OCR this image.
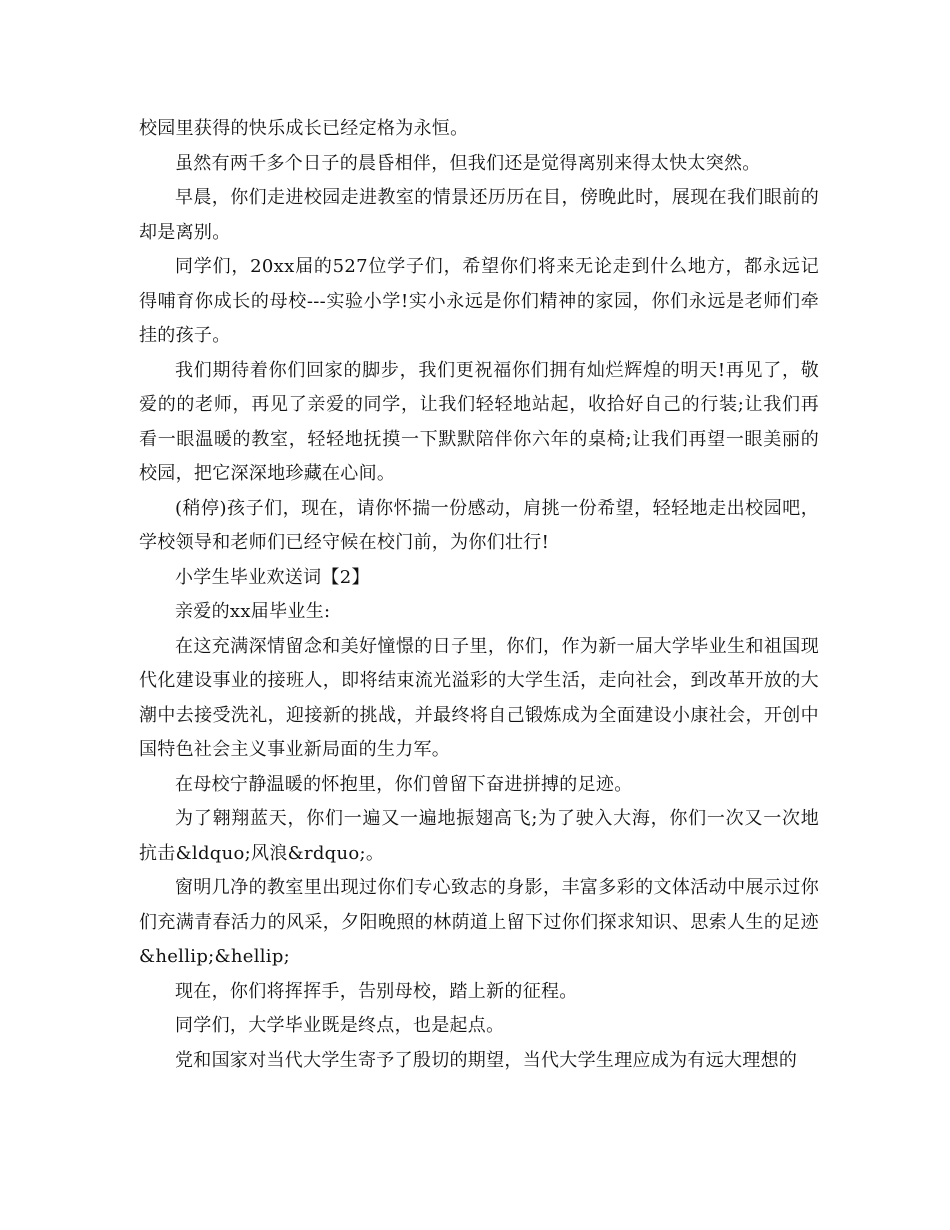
校园里获得的快乐成长已经定格为永恒。

虽然有两千多个日子的晨昏相伴，但我们还是觉得离别来得太快太突然。

早晨，你们走进校园走进教室的情景还历历在目，傍晚此时，展现在我们眼前的却是离别。

同学们，20xx届的527位学子们，希望你们将来无论走到什么地方，都永远记得哺育你成长的母校---实验小学!实小永远是你们精神的家园，你们永远是老师们牵挂的孩子。

我们期待着你们回家的脚步，我们更祝福你们拥有灿烂辉煌的明天!再见了，敬爱的的老师，再见了亲爱的同学，让我们轻轻地站起，收拾好自己的行装;让我们再看一眼温暖的教室，轻轻地抚摸一下默默陪伴你六年的桌椅;让我们再望一眼美丽的校园，把它深深地珍藏在心间。

(稍停)孩子们，现在，请你怀揣一份感动，肩挑一份希望，轻轻地走出校园吧，学校领导和老师们已经守候在校门前，为你们壮行!

小学生毕业欢送词【2】

亲爱的xx届毕业生:

在这充满深情留念和美好憧憬的日子里，你们，作为新一届大学毕业生和祖国现代化建设事业的接班人，即将结束流光溢彩的大学生活，走向社会，到改革开放的大潮中去接受洗礼，迎接新的挑战，并最终将自己锻炼成为全面建设小康社会，开创中国特色社会主义事业新局面的生力军。

在母校宁静温暖的怀抱里，你们曾留下奋进拼搏的足迹。

为了翱翔蓝天，你们一遍又一遍地振翅高飞;为了驶入大海，你们一次又一次地抗击&ldquo;风浪&rdquo;。

窗明几净的教室里出现过你们专心致志的身影，丰富多彩的文体活动中展示过你们充满青春活力的风采，夕阳晚照的林荫道上留下过你们探求知识、思索人生的足迹&hellip;&hellip;

现在，你们将挥挥手，告别母校，踏上新的征程。

同学们，大学毕业既是终点，也是起点。

党和国家对当代大学生寄予了殷切的期望，当代大学生理应成为有远大理想的
